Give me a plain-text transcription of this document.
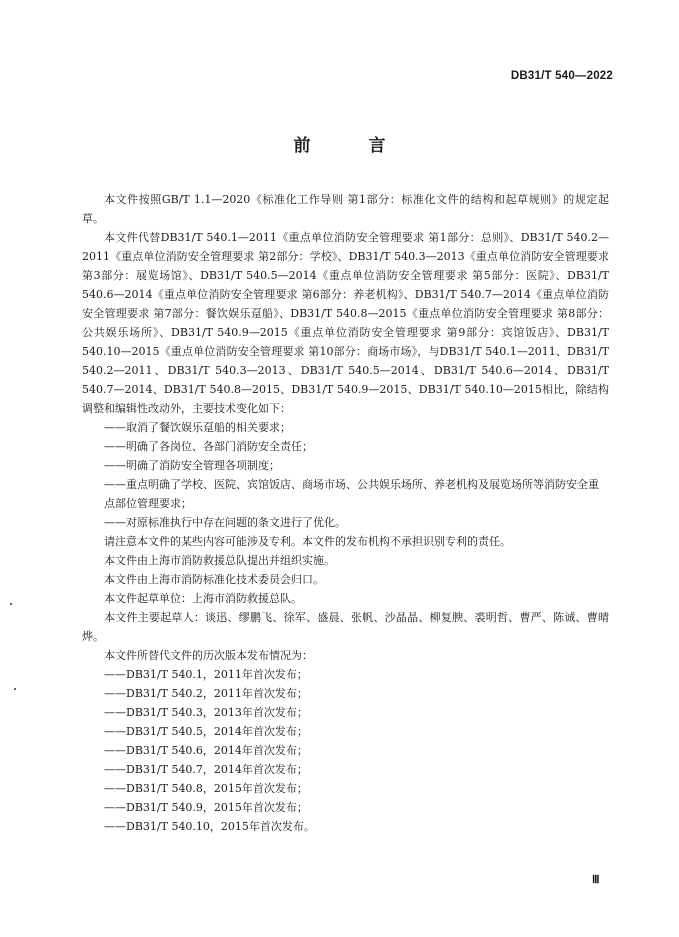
DB31/T 540—2022
前 言

本文件按照GB/T 1.1—2020《标准化工作导则 第1部分：标准化文件的结构和起草规则》的规定起草。

本文件代替DB31/T 540.1—2011《重点单位消防安全管理要求 第1部分：总则》、DB31/T 540.2—2011《重点单位消防安全管理要求 第2部分：学校》、DB31/T 540.3—2013《重点单位消防安全管理要求 第3部分：展览场馆》、DB31/T 540.5—2014《重点单位消防安全管理要求 第5部分：医院》、DB31/T 540.6—2014《重点单位消防安全管理要求 第6部分：养老机构》、DB31/T 540.7—2014《重点单位消防安全管理要求 第7部分：餐饮娱乐趸船》、DB31/T 540.8—2015《重点单位消防安全管理要求 第8部分：公共娱乐场所》、DB31/T 540.9—2015《重点单位消防安全管理要求 第9部分：宾馆饭店》、DB31/T 540.10—2015《重点单位消防安全管理要求 第10部分：商场市场》，与DB31/T 540.1—2011、DB31/T 540.2—2011、DB31/T 540.3—2013、DB31/T 540.5—2014、DB31/T 540.6—2014、DB31/T 540.7—2014、DB31/T 540.8—2015、DB31/T 540.9—2015、DB31/T 540.10—2015相比，除结构调整和编辑性改动外，主要技术变化如下：

——取消了餐饮娱乐趸船的相关要求；

——明确了各岗位、各部门消防安全责任；

——明确了消防安全管理各项制度；

——重点明确了学校、医院、宾馆饭店、商场市场、公共娱乐场所、养老机构及展览场所等消防安全重点部位管理要求；

——对原标准执行中存在问题的条文进行了优化。

请注意本文件的某些内容可能涉及专利。本文件的发布机构不承担识别专利的责任。

本文件由上海市消防救援总队提出并组织实施。

本文件由上海市消防标准化技术委员会归口。

本文件起草单位：上海市消防救援总队。

本文件主要起草人：谈迅、缪鹏飞、徐军、盛晨、张帆、沙晶晶、柳复腴、裘明哲、曹严、陈诚、曹晴烨。

本文件所替代文件的历次版本发布情况为：

——DB31/T 540.1，2011年首次发布；

——DB31/T 540.2，2011年首次发布；

——DB31/T 540.3，2013年首次发布；

——DB31/T 540.5，2014年首次发布；

——DB31/T 540.6，2014年首次发布；

——DB31/T 540.7，2014年首次发布；

——DB31/T 540.8，2015年首次发布；

——DB31/T 540.9，2015年首次发布；

——DB31/T 540.10，2015年首次发布。

Ⅲ
